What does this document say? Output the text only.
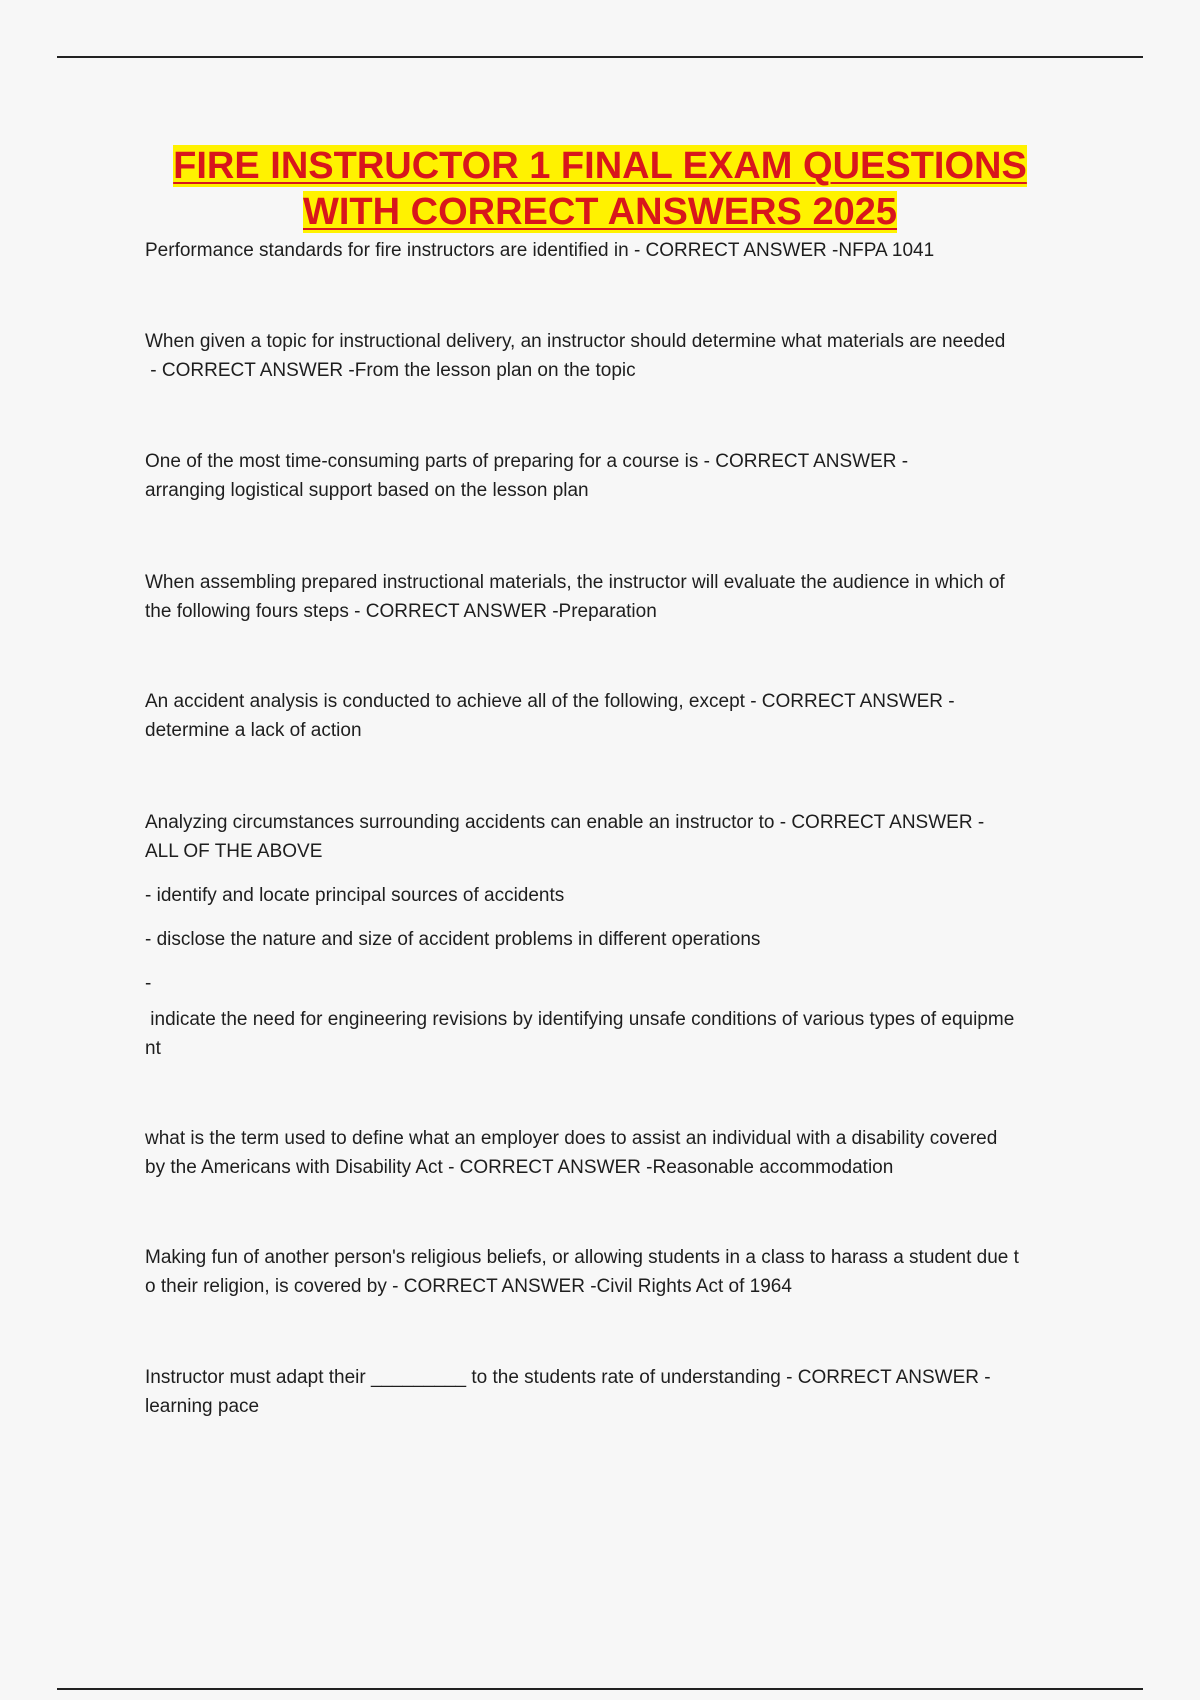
FIRE INSTRUCTOR 1 FINAL EXAM QUESTIONS
WITH CORRECT ANSWERS 2025
Performance standards for fire instructors are identified in - CORRECT ANSWER -NFPA 1041
When given a topic for instructional delivery, an instructor should determine what materials are needed
- CORRECT ANSWER -From the lesson plan on the topic
One of the most time-consuming parts of preparing for a course is - CORRECT ANSWER -
arranging logistical support based on the lesson plan
When assembling prepared instructional materials, the instructor will evaluate the audience in which of
the following fours steps - CORRECT ANSWER -Preparation
An accident analysis is conducted to achieve all of the following, except - CORRECT ANSWER -
determine a lack of action
Analyzing circumstances surrounding accidents can enable an instructor to - CORRECT ANSWER -
ALL OF THE ABOVE
- identify and locate principal sources of accidents
- disclose the nature and size of accident problems in different operations
-
indicate the need for engineering revisions by identifying unsafe conditions of various types of equipme
nt
what is the term used to define what an employer does to assist an individual with a disability covered
by the Americans with Disability Act - CORRECT ANSWER -Reasonable accommodation
Making fun of another person's religious beliefs, or allowing students in a class to harass a student due t
o their religion, is covered by - CORRECT ANSWER -Civil Rights Act of 1964
Instructor must adapt their _________ to the students rate of understanding - CORRECT ANSWER -
learning pace
